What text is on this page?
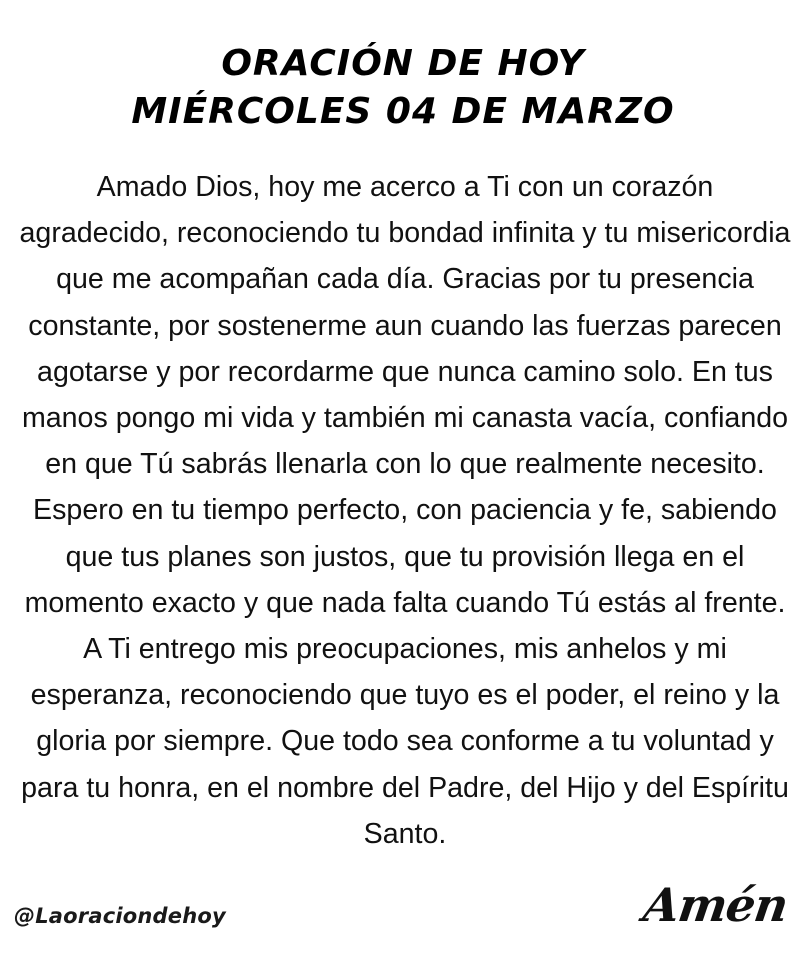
ORACIÓN DE HOY
MIÉRCOLES 04 DE MARZO
Amado Dios, hoy me acerco a Ti con un corazón agradecido, reconociendo tu bondad infinita y tu misericordia que me acompañan cada día. Gracias por tu presencia constante, por sostenerme aun cuando las fuerzas parecen agotarse y por recordarme que nunca camino solo. En tus manos pongo mi vida y también mi canasta vacía, confiando en que Tú sabrás llenarla con lo que realmente necesito. Espero en tu tiempo perfecto, con paciencia y fe, sabiendo que tus planes son justos, que tu provisión llega en el momento exacto y que nada falta cuando Tú estás al frente. A Ti entrego mis preocupaciones, mis anhelos y mi esperanza, reconociendo que tuyo es el poder, el reino y la gloria por siempre. Que todo sea conforme a tu voluntad y para tu honra, en el nombre del Padre, del Hijo y del Espíritu Santo.
@Laoraciondehoy	Amén
